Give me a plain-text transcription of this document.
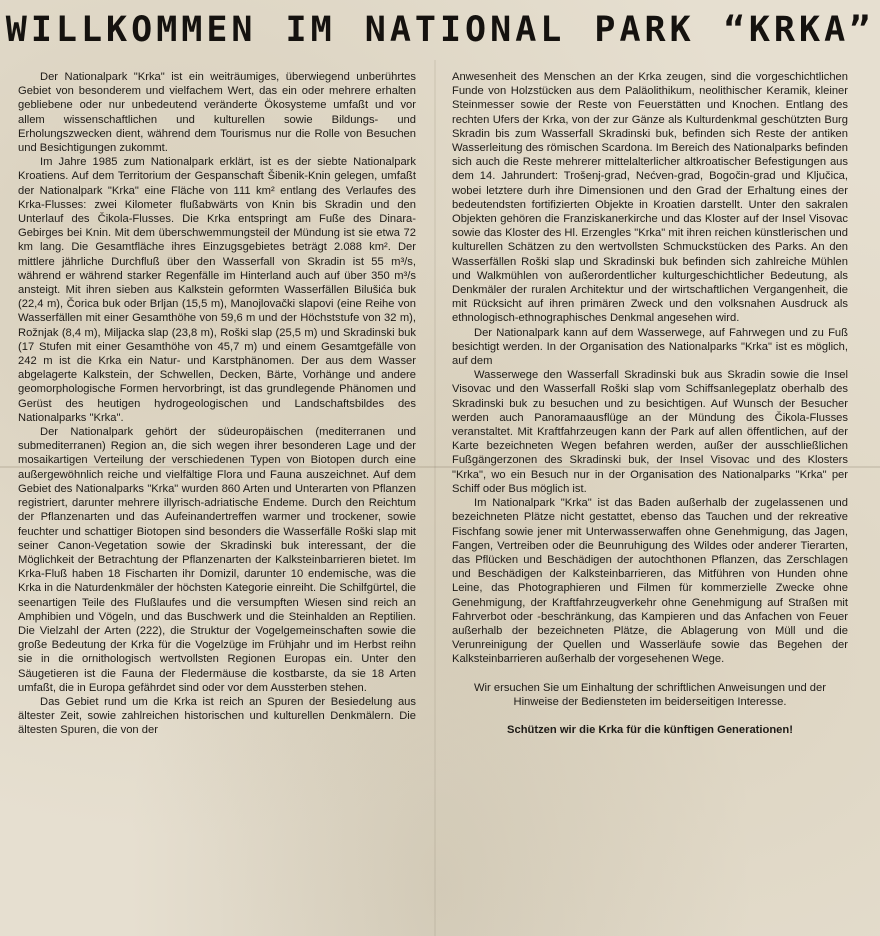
WILLKOMMEN IM NATIONAL PARK “KRKA”

Der Nationalpark "Krka" ist ein weiträumiges, überwiegend unberührtes Gebiet von besonderem und vielfachem Wert, das ein oder mehrere erhalten gebliebene oder nur unbedeutend veränderte Ökosysteme umfaßt und vor allem wissenschaftlichen und kulturellen sowie Bildungs- und Erholungszwecken dient, während dem Tourismus nur die Rolle von Besuchen und Besichtigungen zukommt.

Im Jahre 1985 zum Nationalpark erklärt, ist es der siebte Nationalpark Kroatiens. Auf dem Territorium der Gespanschaft Šibenik-Knin gelegen, umfaßt der Nationalpark "Krka" eine Fläche von 111 km² entlang des Verlaufes des Krka-Flusses: zwei Kilometer flußabwärts von Knin bis Skradin und den Unterlauf des Čikola-Flusses. Die Krka entspringt am Fuße des Dinara-Gebirges bei Knin. Mit dem überschwemmungsteil der Mündung ist sie etwa 72 km lang. Die Gesamtfläche ihres Einzugsgebietes beträgt 2.088 km². Der mittlere jährliche Durchfluß über den Wasserfall von Skradin ist 55 m³/s, während er während starker Regenfälle im Hinterland auch auf über 350 m³/s ansteigt. Mit ihren sieben aus Kalkstein geformten Wasserfällen Bilušića buk (22,4 m), Čorica buk oder Brljan (15,5 m), Manojlovački slapovi (eine Reihe von Wasserfällen mit einer Gesamthöhe von 59,6 m und der Höchststufe von 32 m), Rožnjak (8,4 m), Miljacka slap (23,8 m), Roški slap (25,5 m) und Skradinski buk (17 Stufen mit einer Gesamthöhe von 45,7 m) und einem Gesamtgefälle von 242 m ist die Krka ein Natur- und Karstphänomen. Der aus dem Wasser abgelagerte Kalkstein, der Schwellen, Decken, Bärte, Vorhänge und andere geomorphologische Formen hervorbringt, ist das grundlegende Phänomen und Gerüst des heutigen hydrogeologischen und Landschaftsbildes des Nationalparks "Krka".

Der Nationalpark gehört der südeuropäischen (mediterranen und submediterranen) Region an, die sich wegen ihrer besonderen Lage und der mosaikartigen Verteilung der verschiedenen Typen von Biotopen durch eine außergewöhnlich reiche und vielfältige Flora und Fauna auszeichnet. Auf dem Gebiet des Nationalparks "Krka" wurden 860 Arten und Unterarten von Pflanzen registriert, darunter mehrere illyrisch-adriatische Endeme. Durch den Reichtum der Pflanzenarten und das Aufeinandertreffen warmer und trockener, sowie feuchter und schattiger Biotopen sind besonders die Wasserfälle Roški slap mit seiner Canon-Vegetation sowie der Skradinski buk interessant, der die Möglichkeit der Betrachtung der Pflanzenarten der Kalksteinbarrieren bietet. Im Krka-Fluß haben 18 Fischarten ihr Domizil, darunter 10 endemische, was die Krka in die Naturdenkmäler der höchsten Kategorie einreiht. Die Schilfgürtel, die seenartigen Teile des Flußlaufes und die versumpften Wiesen sind reich an Amphibien und Vögeln, und das Buschwerk und die Steinhalden an Reptilien. Die Vielzahl der Arten (222), die Struktur der Vogelgemeinschaften sowie die große Bedeutung der Krka für die Vogelzüge im Frühjahr und im Herbst reihn sie in die ornithologisch wertvollsten Regionen Europas ein. Unter den Säugetieren ist die Fauna der Fledermäuse die kostbarste, da sie 18 Arten umfaßt, die in Europa gefährdet sind oder vor dem Aussterben stehen.

Das Gebiet rund um die Krka ist reich an Spuren der Besiedelung aus ältester Zeit, sowie zahlreichen historischen und kulturellen Denkmälern. Die ältesten Spuren, die von der

Anwesenheit des Menschen an der Krka zeugen, sind die vorgeschichtlichen Funde von Holzstücken aus dem Paläolithikum, neolithischer Keramik, kleiner Steinmesser sowie der Reste von Feuerstätten und Knochen. Entlang des rechten Ufers der Krka, von der zur Gänze als Kulturdenkmal geschützten Burg Skradin bis zum Wasserfall Skradinski buk, befinden sich Reste der antiken Wasserleitung des römischen Scardona. Im Bereich des Nationalparks befinden sich auch die Reste mehrerer mittelalterlicher altkroatischer Befestigungen aus dem 14. Jahrundert: Trošenj-grad, Nećven-grad, Bogočin-grad und Ključica, wobei letztere durh ihre Dimensionen und den Grad der Erhaltung eines der bedeutendsten fortifizierten Objekte in Kroatien darstellt. Unter den sakralen Objekten gehören die Franziskanerkirche und das Kloster auf der Insel Visovac sowie das Kloster des Hl. Erzengles "Krka" mit ihren reichen künstlerischen und kulturellen Schätzen zu den wertvollsten Schmuckstücken des Parks. An den Wasserfällen Roški slap und Skradinski buk befinden sich zahlreiche Mühlen und Walkmühlen von außerordentlicher kulturgeschichtlicher Bedeutung, als Denkmäler der ruralen Architektur und der wirtschaftlichen Vergangenheit, die mit Rücksicht auf ihren primären Zweck und den volksnahen Ausdruck als ethnologisch-ethnographisches Denkmal angesehen wird.

Der Nationalpark kann auf dem Wasserwege, auf Fahrwegen und zu Fuß besichtigt werden. In der Organisation des Nationalparks "Krka" ist es möglich, auf dem

Wasserwege den Wasserfall Skradinski buk aus Skradin sowie die Insel Visovac und den Wasserfall Roški slap vom Schiffsanlegeplatz oberhalb des Skradinski buk zu besuchen und zu besichtigen. Auf Wunsch der Besucher werden auch Panoramaausflüge an der Mündung des Čikola-Flusses veranstaltet. Mit Kraftfahrzeugen kann der Park auf allen öffentlichen, auf der Karte bezeichneten Wegen befahren werden, außer der ausschließlichen Fußgängerzonen des Skradinski buk, der Insel Visovac und des Klosters "Krka", wo ein Besuch nur in der Organisation des Nationalparks "Krka" per Schiff oder Bus möglich ist.

Im Nationalpark "Krka" ist das Baden außerhalb der zugelassenen und bezeichneten Plätze nicht gestattet, ebenso das Tauchen und der rekreative Fischfang sowie jener mit Unterwasserwaffen ohne Genehmigung, das Jagen, Fangen, Vertreiben oder die Beunruhigung des Wildes oder anderer Tierarten, das Pflücken und Beschädigen der autochthonen Pflanzen, das Zerschlagen und Beschädigen der Kalksteinbarrieren, das Mitführen von Hunden ohne Leine, das Photographieren und Filmen für kommerzielle Zwecke ohne Genehmigung, der Kraftfahrzeugverkehr ohne Genehmigung auf Straßen mit Fahrverbot oder -beschränkung, das Kampieren und das Anfachen von Feuer außerhalb der bezeichneten Plätze, die Ablagerung von Müll und die Verunreinigung der Quellen und Wasserläufe sowie das Begehen der Kalksteinbarrieren außerhalb der vorgesehenen Wege.

Wir ersuchen Sie um Einhaltung der schriftlichen Anweisungen und der Hinweise der Bediensteten im beiderseitigen Interesse.

Schützen wir die Krka für die künftigen Generationen!
